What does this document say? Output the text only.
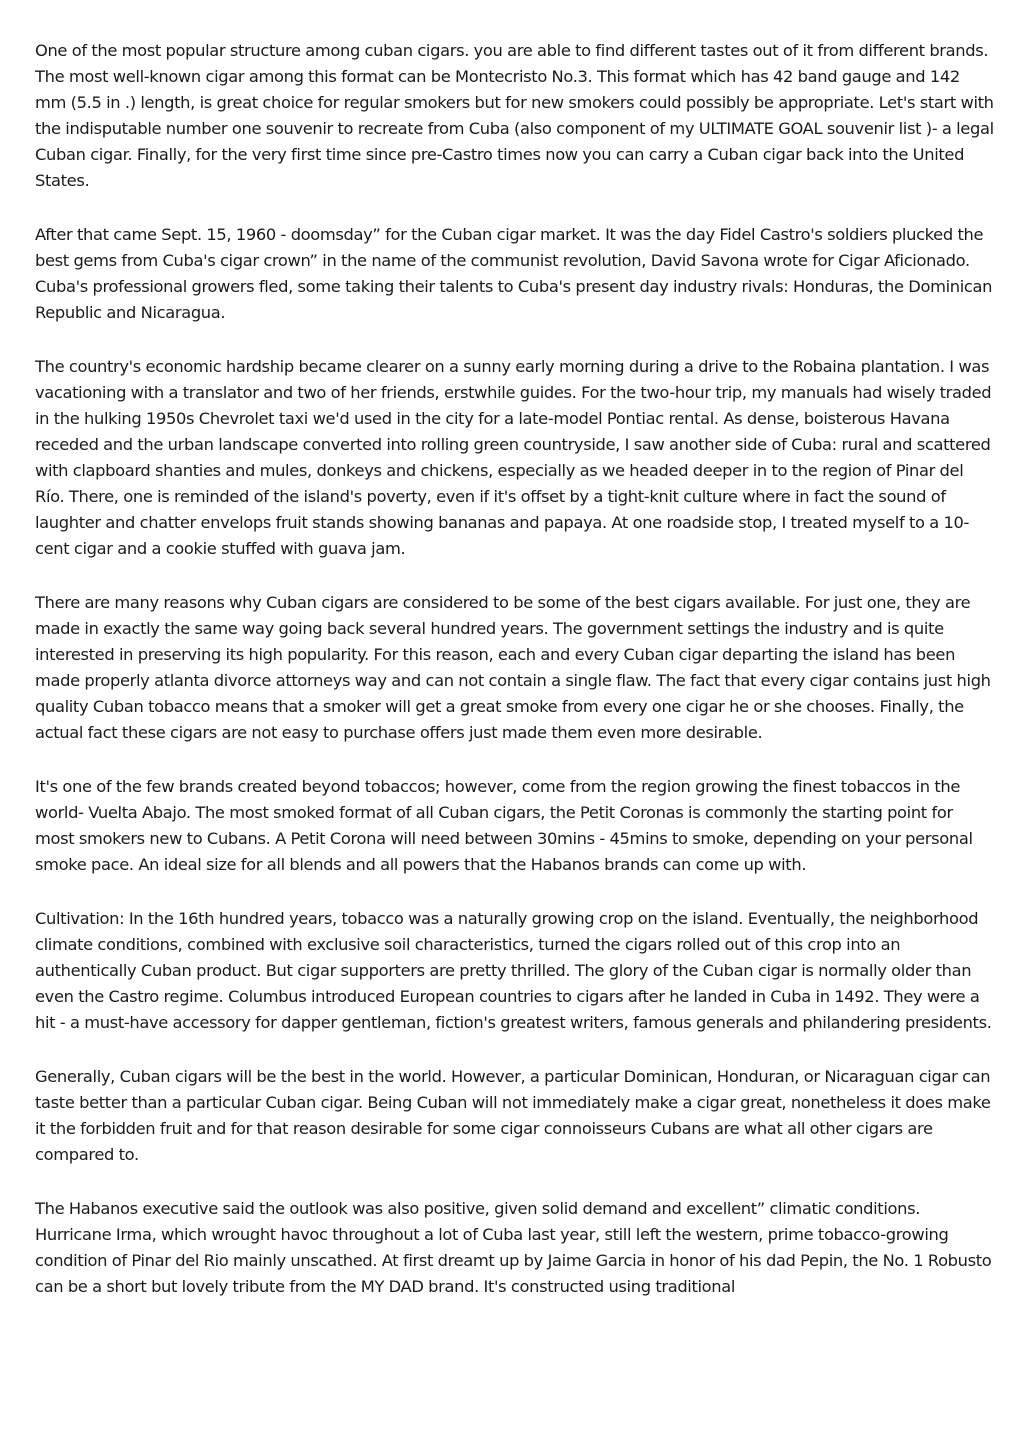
One of the most popular structure among cuban cigars. you are able to find different tastes out of it from different brands. The most well-known cigar among this format can be Montecristo No.3. This format which has 42 band gauge and 142 mm (5.5 in .) length, is great choice for regular smokers but for new smokers could possibly be appropriate. Let's start with the indisputable number one souvenir to recreate from Cuba (also component of my ULTIMATE GOAL souvenir list )- a legal Cuban cigar. Finally, for the very first time since pre-Castro times now you can carry a Cuban cigar back into the United States.

After that came Sept. 15, 1960 - doomsday” for the Cuban cigar market. It was the day Fidel Castro's soldiers plucked the best gems from Cuba's cigar crown” in the name of the communist revolution, David Savona wrote for Cigar Aficionado. Cuba's professional growers fled, some taking their talents to Cuba's present day industry rivals: Honduras, the Dominican Republic and Nicaragua.

The country's economic hardship became clearer on a sunny early morning during a drive to the Robaina plantation. I was vacationing with a translator and two of her friends, erstwhile guides. For the two-hour trip, my manuals had wisely traded in the hulking 1950s Chevrolet taxi we'd used in the city for a late-model Pontiac rental. As dense, boisterous Havana receded and the urban landscape converted into rolling green countryside, I saw another side of Cuba: rural and scattered with clapboard shanties and mules, donkeys and chickens, especially as we headed deeper in to the region of Pinar del Río. There, one is reminded of the island's poverty, even if it's offset by a tight-knit culture where in fact the sound of laughter and chatter envelops fruit stands showing bananas and papaya. At one roadside stop, I treated myself to a 10-cent cigar and a cookie stuffed with guava jam.

There are many reasons why Cuban cigars are considered to be some of the best cigars available. For just one, they are made in exactly the same way going back several hundred years. The government settings the industry and is quite interested in preserving its high popularity. For this reason, each and every Cuban cigar departing the island has been made properly atlanta divorce attorneys way and can not contain a single flaw. The fact that every cigar contains just high quality Cuban tobacco means that a smoker will get a great smoke from every one cigar he or she chooses. Finally, the actual fact these cigars are not easy to purchase offers just made them even more desirable.

It's one of the few brands created beyond tobaccos; however, come from the region growing the finest tobaccos in the world- Vuelta Abajo. The most smoked format of all Cuban cigars, the Petit Coronas is commonly the starting point for most smokers new to Cubans. A Petit Corona will need between 30mins - 45mins to smoke, depending on your personal smoke pace. An ideal size for all blends and all powers that the Habanos brands can come up with.

Cultivation: In the 16th hundred years, tobacco was a naturally growing crop on the island. Eventually, the neighborhood climate conditions, combined with exclusive soil characteristics, turned the cigars rolled out of this crop into an authentically Cuban product. But cigar supporters are pretty thrilled. The glory of the Cuban cigar is normally older than even the Castro regime. Columbus introduced European countries to cigars after he landed in Cuba in 1492. They were a hit - a must-have accessory for dapper gentleman, fiction's greatest writers, famous generals and philandering presidents.

Generally, Cuban cigars will be the best in the world. However, a particular Dominican, Honduran, or Nicaraguan cigar can taste better than a particular Cuban cigar. Being Cuban will not immediately make a cigar great, nonetheless it does make it the forbidden fruit and for that reason desirable for some cigar connoisseurs Cubans are what all other cigars are compared to.

The Habanos executive said the outlook was also positive, given solid demand and excellent” climatic conditions. Hurricane Irma, which wrought havoc throughout a lot of Cuba last year, still left the western, prime tobacco-growing condition of Pinar del Rio mainly unscathed. At first dreamt up by Jaime Garcia in honor of his dad Pepin, the No. 1 Robusto can be a short but lovely tribute from the MY DAD brand. It's constructed using traditional
